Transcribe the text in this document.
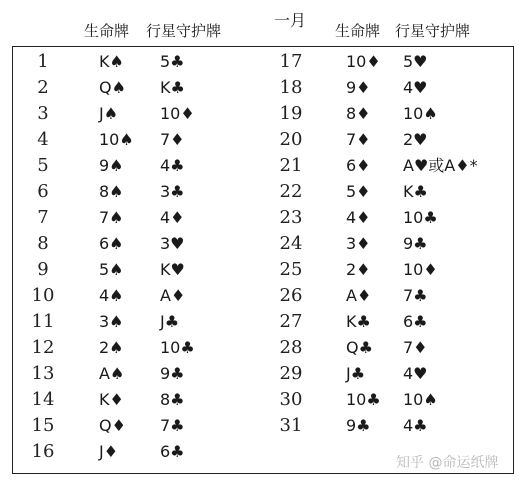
一月
生命牌 行星守护牌	生命牌 行星守护牌
1	K♠ 5♣
2	Q♠ K♣
3	J♠	10♦
4	10♠ 7♦
5	9♠ 4♣
6	8♠ 3♣
7	7♠ 4♦
8	6♠ 3♥
9	5♠ K♥
10	4♠ A♦
11	3♠ J♣
12	2♠ 10♣
13	A♠ 9♣
14	K♦ 8♣
15	Q♦ 7♣
16	J♦	6♣
17	10♦ 5♥
18	9♦ 4♥
19	8♦ 10♠
20	7♦ 2♥
21	6♦ A♥或A♦*
22	5♦ K♣
23	4♦ 10♣
24	3♦ 9♣
25	2♦ 10♦
26	A♦ 7♣
27	K♣ 6♣
28	Q♣ 7♦
29	J♣ 4♥
30	10♣ 10♠
31	9♣ 4♣
知乎 @命运纸牌
